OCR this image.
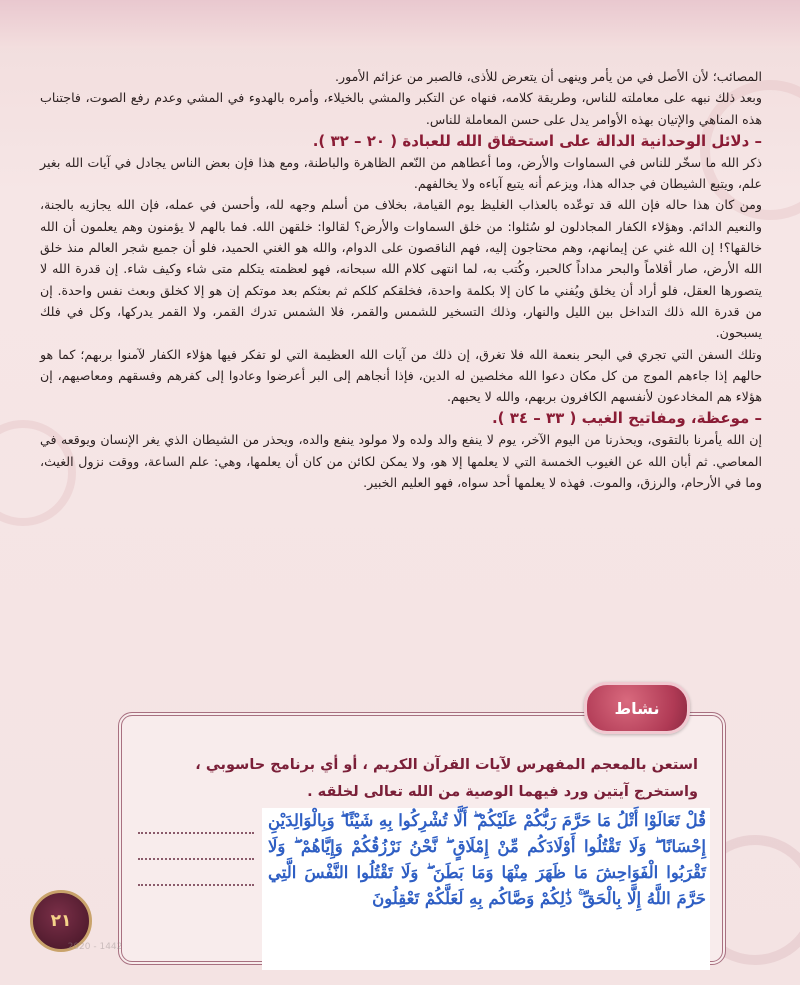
المصائب؛ لأن الأصل في من يأمر وينهى أن يتعرض للأذى، فالصبر من عزائم الأمور.

وبعد ذلك نبهه على معاملته للناس، وطريقة كلامه، فنهاه عن التكبر والمشي بالخيلاء، وأمره بالهدوء في المشي وعدم رفع الصوت، فاجتناب هذه المناهي والإتيان بهذه الأوامر يدل على حسن المعاملة للناس.

– دلائل الوحدانية الدالة على استحقاق الله للعبادة ( ٢٠ – ٣٢ ).

ذكر الله ما سخّر للناس في السماوات والأرض، وما أعطاهم من النّعم الظاهرة والباطنة، ومع هذا فإن بعض الناس يجادل في آيات الله بغير علم، ويتبع الشيطان في جداله هذا، ويزعم أنه يتبع آباءه ولا يخالفهم.

ومن كان هذا حاله فإن الله قد توعّده بالعذاب الغليظ يوم القيامة، بخلاف من أسلم وجهه لله، وأحسن في عمله، فإن الله يجازيه بالجنة، والنعيم الدائم. وهؤلاء الكفار المجادلون لو سُئلوا: من خلق السماوات والأرض؟ لقالوا: خلقهن الله. فما بالهم لا يؤمنون وهم يعلمون أن الله خالقها؟! إن الله غني عن إيمانهم، وهم محتاجون إليه، فهم الناقصون على الدوام، والله هو الغني الحميد، فلو أن جميع شجر العالم منذ خلق الله الأرض، صار أقلاماً والبحر مداداً كالحبر، وكُتب به، لما انتهى كلام الله سبحانه، فهو لعظمته يتكلم متى شاء وكيف شاء. إن قدرة الله لا يتصورها العقل، فلو أراد أن يخلق ويُفني ما كان إلا بكلمة واحدة، فخلقكم كلكم ثم بعثكم بعد موتكم إن هو إلا كخلق وبعث نفس واحدة. إن من قدرة الله ذلك التداخل بين الليل والنهار، وذلك التسخير للشمس والقمر، فلا الشمس تدرك القمر، ولا القمر يدركها، وكل في فلك يسبحون.

وتلك السفن التي تجري في البحر بنعمة الله فلا تغرق، إن ذلك من آيات الله العظيمة التي لو تفكر فيها هؤلاء الكفار لآمنوا بربهم؛ كما هو حالهم إذا جاءهم الموج من كل مكان دعوا الله مخلصين له الدين، فإذا أنجاهم إلى البر أعرضوا وعادوا إلى كفرهم وفسقهم ومعاصيهم، إن هؤلاء هم المخادعون لأنفسهم الكافرون بربهم، والله لا يحبهم.

– موعظة، ومفاتيح الغيب ( ٣٣ – ٣٤ ).

إن الله يأمرنا بالتقوى، ويحذرنا من اليوم الآخر، يوم لا ينفع والد ولده ولا مولود ينفع والده، ويحذر من الشيطان الذي يغر الإنسان ويوقعه في المعاصي. ثم أبان الله عن الغيوب الخمسة التي لا يعلمها إلا هو، ولا يمكن لكائن من كان أن يعلمها، وهي: علم الساعة، ووقت نزول الغيث، وما في الأرحام، والرزق، والموت. فهذه لا يعلمها أحد سواه، فهو العليم الخبير.

نشاط
استعن بالمعجم المفهرس لآيات القرآن الكريم ، أو أي برنامج حاسوبي ، واستخرج آيتين ورد فيهما الوصية من الله تعالى لخلقه .
قُلْ تَعَالَوْا أَتْلُ مَا حَرَّمَ رَبُّكُمْ عَلَيْكُمْ ۖ أَلَّا تُشْرِكُوا بِهِ شَيْئًا ۖ وَبِالْوَالِدَيْنِ إِحْسَانًا ۖ وَلَا تَقْتُلُوا أَوْلَادَكُم مِّنْ إِمْلَاقٍ ۖ نَّحْنُ نَرْزُقُكُمْ وَإِيَّاهُمْ ۖ وَلَا تَقْرَبُوا الْفَوَاحِشَ مَا ظَهَرَ مِنْهَا وَمَا بَطَنَ ۖ وَلَا تَقْتُلُوا النَّفْسَ الَّتِي حَرَّمَ اللَّهُ إِلَّا بِالْحَقِّ ۚ ذَٰلِكُمْ وَصَّاكُم بِهِ لَعَلَّكُمْ تَعْقِلُونَ
٢١
2020 - 1442
